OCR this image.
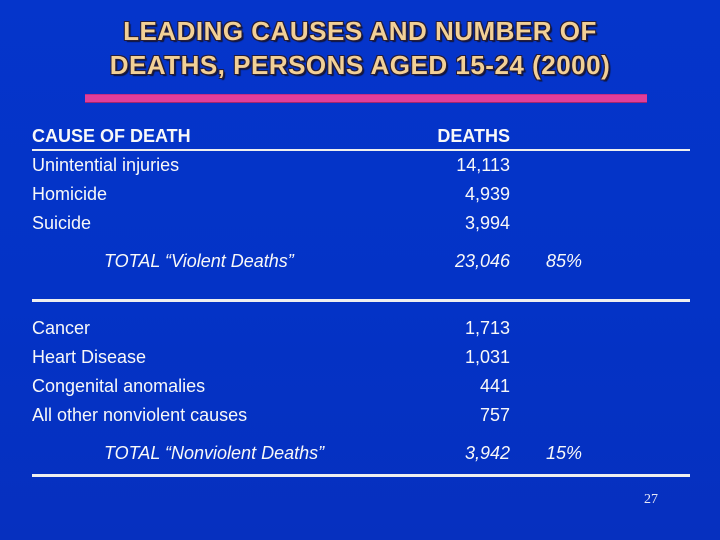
LEADING CAUSES AND NUMBER OF
DEATHS, PERSONS AGED 15-24 (2000)
CAUSE OF DEATH	DEATHS
Unintential injuries	14,113
Homicide	4,939
Suicide	3,994
TOTAL “Violent Deaths”	23,046	85%
Cancer	1,713
Heart Disease	1,031
Congenital anomalies	441
All other nonviolent causes	757
TOTAL “Nonviolent Deaths”	3,942	15%
27
